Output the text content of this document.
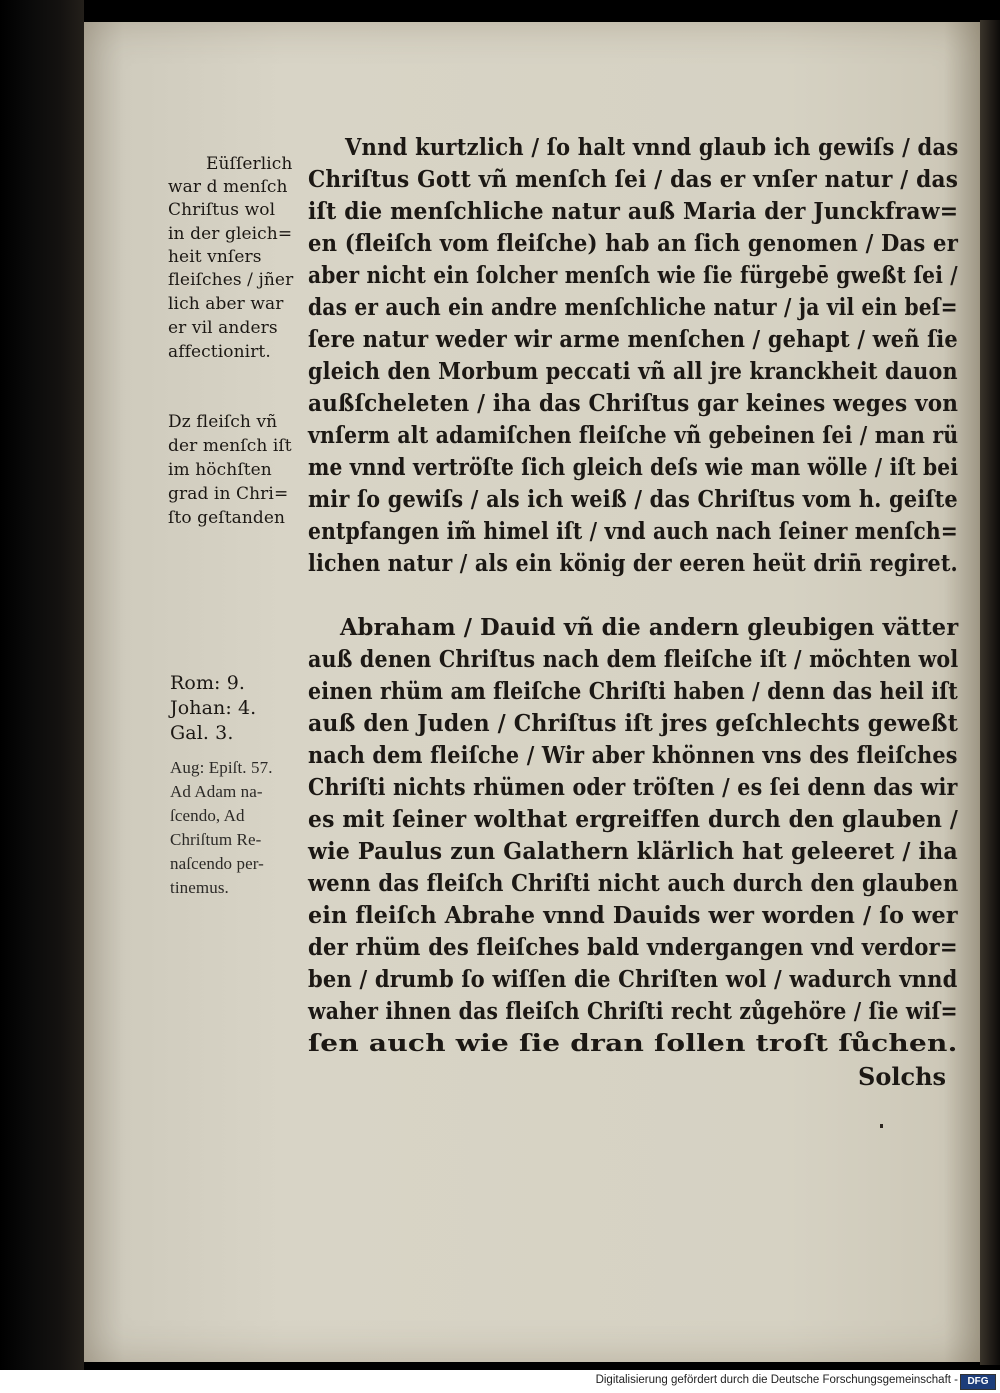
Eüſſerlich
war d menſch
Chriſtus wol
in der gleich=
heit vnſers
fleiſches / jñer
lich aber war
er vil anders
affectionirt.
Dz fleiſch vñ
der menſch iſt
im höchſten
grad in Chri=
ſto geſtanden
Rom: 9.
Johan: 4.
Gal. 3.
Aug: Epiſt. 57.
Ad Adam na-
ſcendo, Ad
Chriſtum Re-
naſcendo per-
tinemus.
Vnnd kurtzlich / ſo halt vnnd glaub ich gewiſs / das
Chriſtus Gott vñ menſch ſei / das er vnſer natur / das
iſt die menſchliche natur auß Maria der Junckfraw=
en (fleiſch vom fleiſche) hab an ſich genomen / Das er
aber nicht ein ſolcher menſch wie ſie fürgebē gweßt ſei /
das er auch ein andre menſchliche natur / ja vil ein beſ=
ſere natur weder wir arme menſchen / gehapt / weñ ſie
gleich den Morbum peccati vñ all jre kranckheit dauon
außſcheleten / iha das Chriſtus gar keines weges von
vnſerm alt adamiſchen fleiſche vñ gebeinen ſei / man rü
me vnnd vertröſte ſich gleich deſs wie man wölle / iſt bei
mir ſo gewiſs / als ich weiß / das Chriſtus vom h. geiſte
entpfangen im̃ himel iſt / vnd auch nach ſeiner menſch=
lichen natur / als ein könig der eeren heüt drin̄ regiret.
Abraham / Dauid vñ die andern gleubigen vätter
auß denen Chriſtus nach dem fleiſche iſt / möchten wol
einen rhüm am fleiſche Chriſti haben / denn das heil iſt
auß den Juden / Chriſtus iſt jres geſchlechts geweßt
nach dem fleiſche / Wir aber khönnen vns des fleiſches
Chriſti nichts rhümen oder tröſten / es ſei denn das wir
es mit ſeiner wolthat ergreiffen durch den glauben /
wie Paulus zun Galathern klärlich hat geleeret / iha
wenn das fleiſch Chriſti nicht auch durch den glauben
ein fleiſch Abrahe vnnd Dauids wer worden / ſo wer
der rhüm des fleiſches bald vndergangen vnd verdor=
ben / drumb ſo wiſſen die Chriſten wol / wadurch vnnd
waher ihnen das fleiſch Chriſti recht zůgehöre / ſie wiſ=
ſen auch wie ſie dran ſollen troſt ſůchen.
Solchs
Digitalisierung gefördert durch die Deutsche Forschungsgemeinschaft - DFG
